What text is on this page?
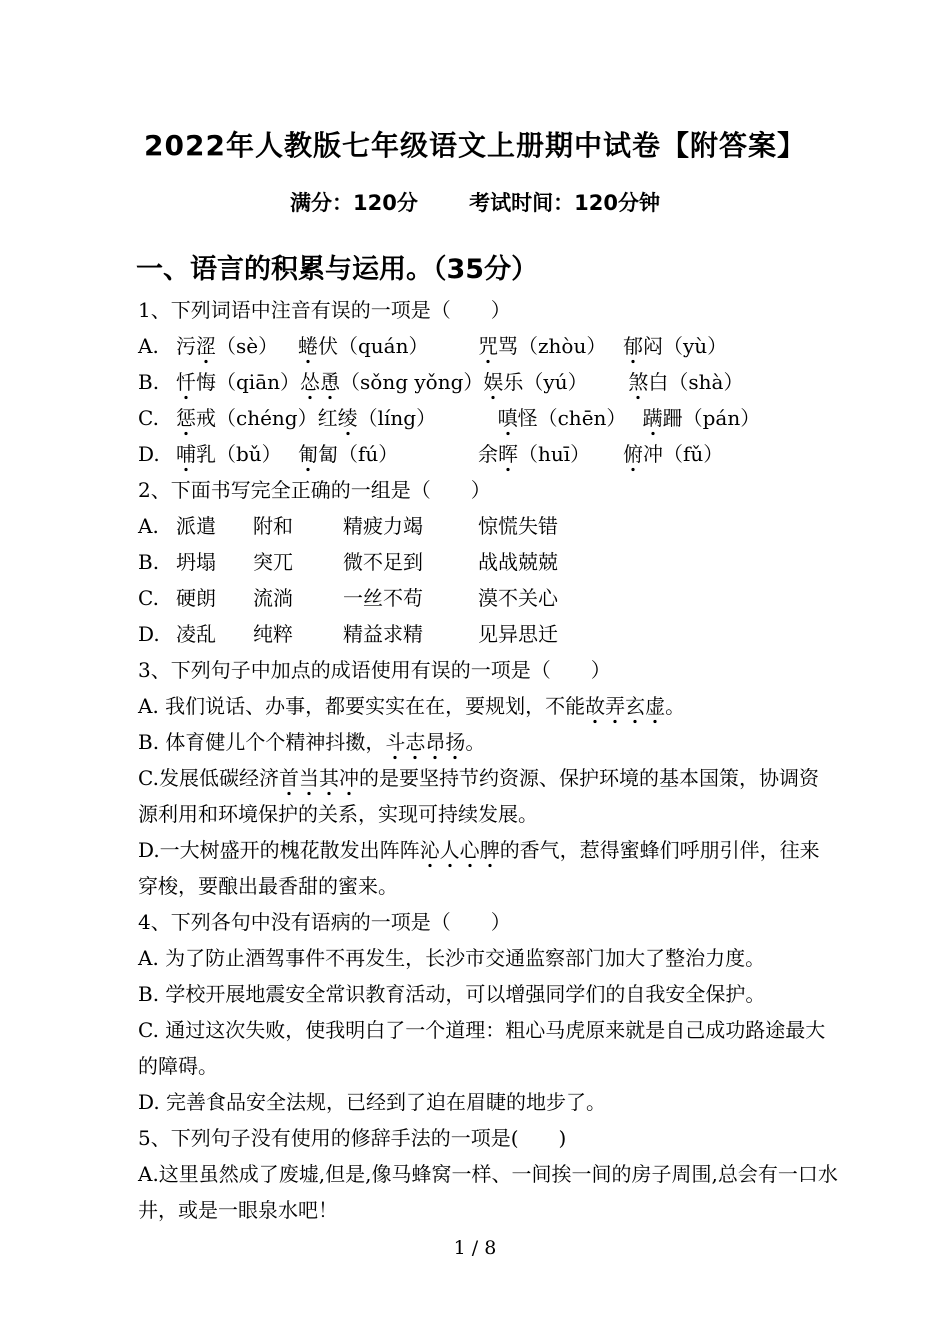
2022年人教版七年级语文上册期中试卷【附答案】
满分：120分 考试时间：120分钟
一、语言的积累与运用。（35分）
1、下列词语中注音有误的一项是（　　）
A. 污涩（sè） 蜷伏（quán）	咒骂（zhòu） 郁闷（yù）
B. 忏悔（qiān） 怂恿（sǒng yǒng） 娱乐（yú）	煞白（shà）
C. 惩戒（chéng） 红绫（líng）	嗔怪（chēn） 蹒跚（pán）
D. 哺乳（bǔ） 匍匐（fú）	余晖（huī）	俯冲（fǔ）
2、下面书写完全正确的一组是（　　）
A. 派遣	附和	精疲力竭	惊慌失错
B. 坍塌	突兀	微不足到	战战兢兢
C. 硬朗	流淌	一丝不苟	漠不关心
D. 凌乱	纯粹	精益求精	见异思迁
3、下列句子中加点的成语使用有误的一项是（　　）
A. 我们说话、办事，都要实实在在，要规划，不能故弄玄虚。
B. 体育健儿个个精神抖擞，斗志昂扬。
C.发展低碳经济首当其冲的是要坚持节约资源、保护环境的基本国策，协调资源利用和环境保护的关系，实现可持续发展。
D.一大树盛开的槐花散发出阵阵沁人心脾的香气，惹得蜜蜂们呼朋引伴，往来穿梭，要酿出最香甜的蜜来。
4、下列各句中没有语病的一项是（　　）
A. 为了防止酒驾事件不再发生，长沙市交通监察部门加大了整治力度。
B. 学校开展地震安全常识教育活动，可以增强同学们的自我安全保护。
C. 通过这次失败，使我明白了一个道理：粗心马虎原来就是自己成功路途最大的障碍。
D. 完善食品安全法规，已经到了迫在眉睫的地步了。
5、下列句子没有使用的修辞手法的一项是(　　)
A.这里虽然成了废墟,但是,像马蜂窝一样、一间挨一间的房子周围,总会有一口水井，或是一眼泉水吧！
1 / 8
